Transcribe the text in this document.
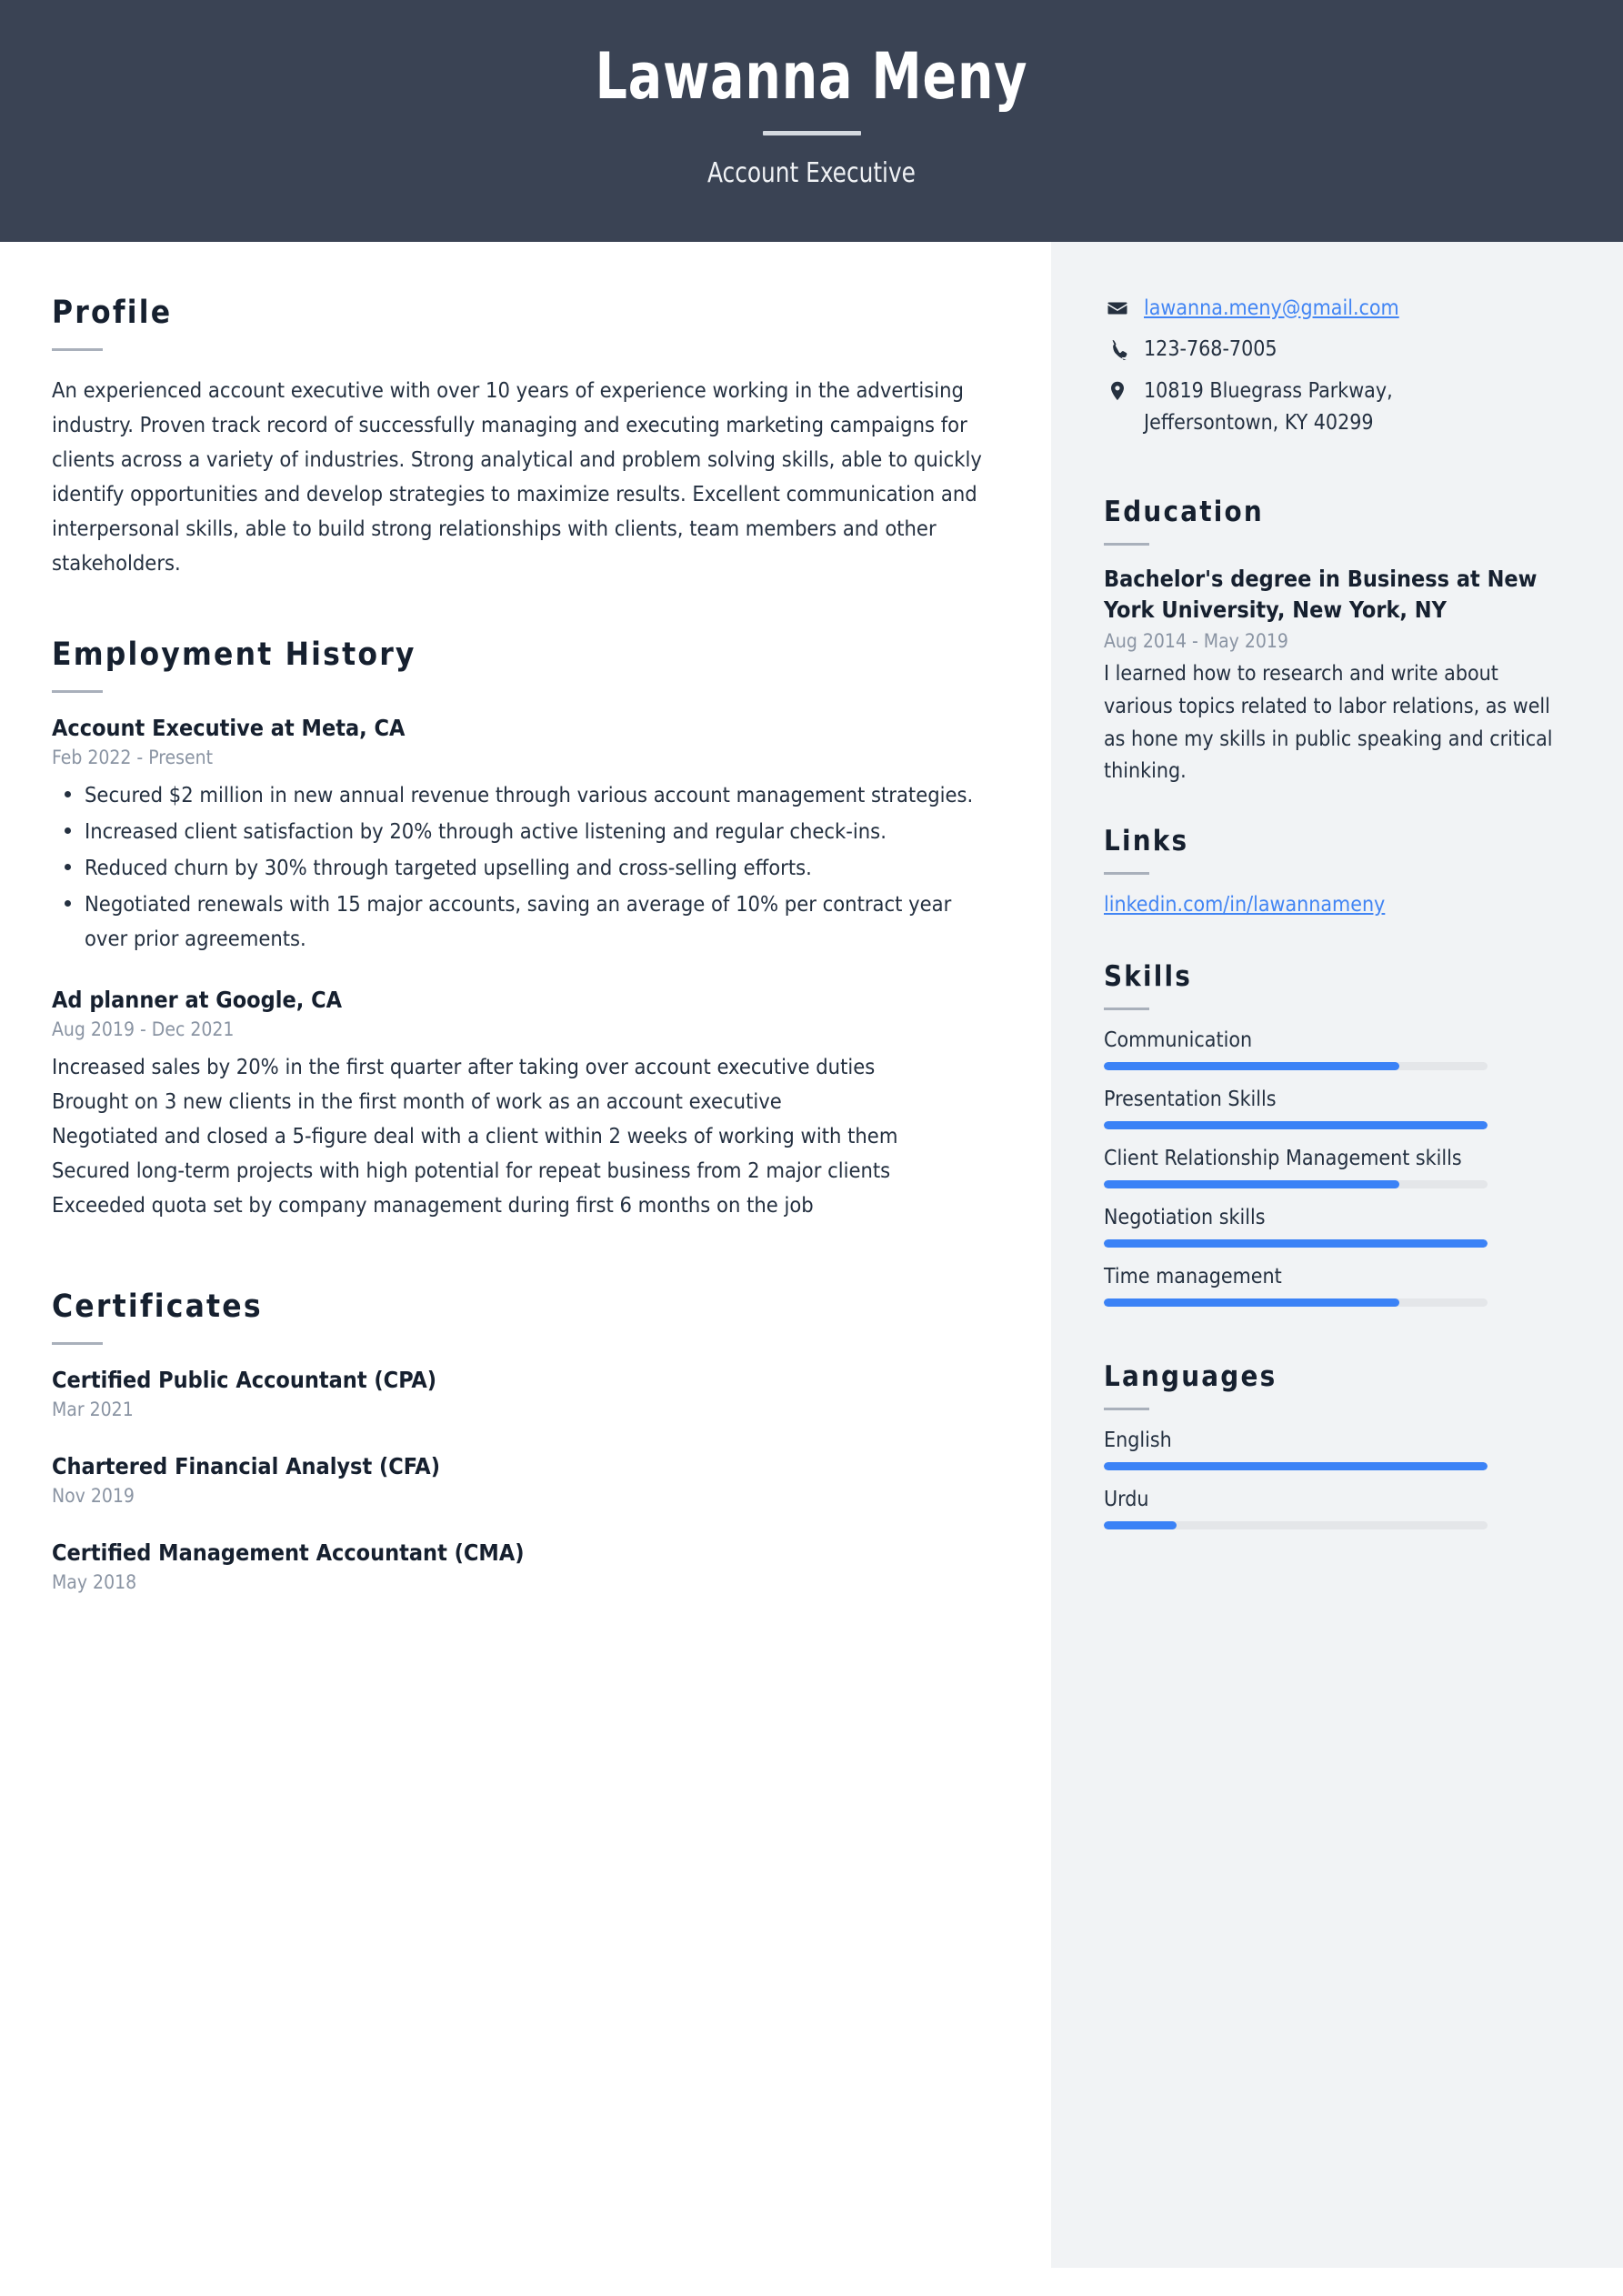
Lawanna Meny
Account Executive
Profile
An experienced account executive with over 10 years of experience working in the advertising industry. Proven track record of successfully managing and executing marketing campaigns for clients across a variety of industries. Strong analytical and problem solving skills, able to quickly identify opportunities and develop strategies to maximize results. Excellent communication and interpersonal skills, able to build strong relationships with clients, team members and other stakeholders.
Employment History
Account Executive at Meta, CA
Feb 2022 - Present
Secured $2 million in new annual revenue through various account management strategies.
Increased client satisfaction by 20% through active listening and regular check-ins.
Reduced churn by 30% through targeted upselling and cross-selling efforts.
Negotiated renewals with 15 major accounts, saving an average of 10% per contract year over prior agreements.
Ad planner at Google, CA
Aug 2019 - Dec 2021

Increased sales by 20% in the first quarter after taking over account executive duties

Brought on 3 new clients in the first month of work as an account executive

Negotiated and closed a 5-figure deal with a client within 2 weeks of working with them

Secured long-term projects with high potential for repeat business from 2 major clients

Exceeded quota set by company management during first 6 months on the job

Certificates
Certified Public Accountant (CPA)
Mar 2021
Chartered Financial Analyst (CFA)
Nov 2019
Certified Management Accountant (CMA)
May 2018
lawanna.meny@gmail.com
123-768-7005
10819 Bluegrass Parkway,
Jeffersontown, KY 40299
Education
Bachelor's degree in Business at New York University, New York, NY
Aug 2014 - May 2019
I learned how to research and write about various topics related to labor relations, as well as hone my skills in public speaking and critical thinking.
Links
linkedin.com/in/lawannameny
Skills
Communication
Presentation Skills
Client Relationship Management skills
Negotiation skills
Time management
Languages
English
Urdu
